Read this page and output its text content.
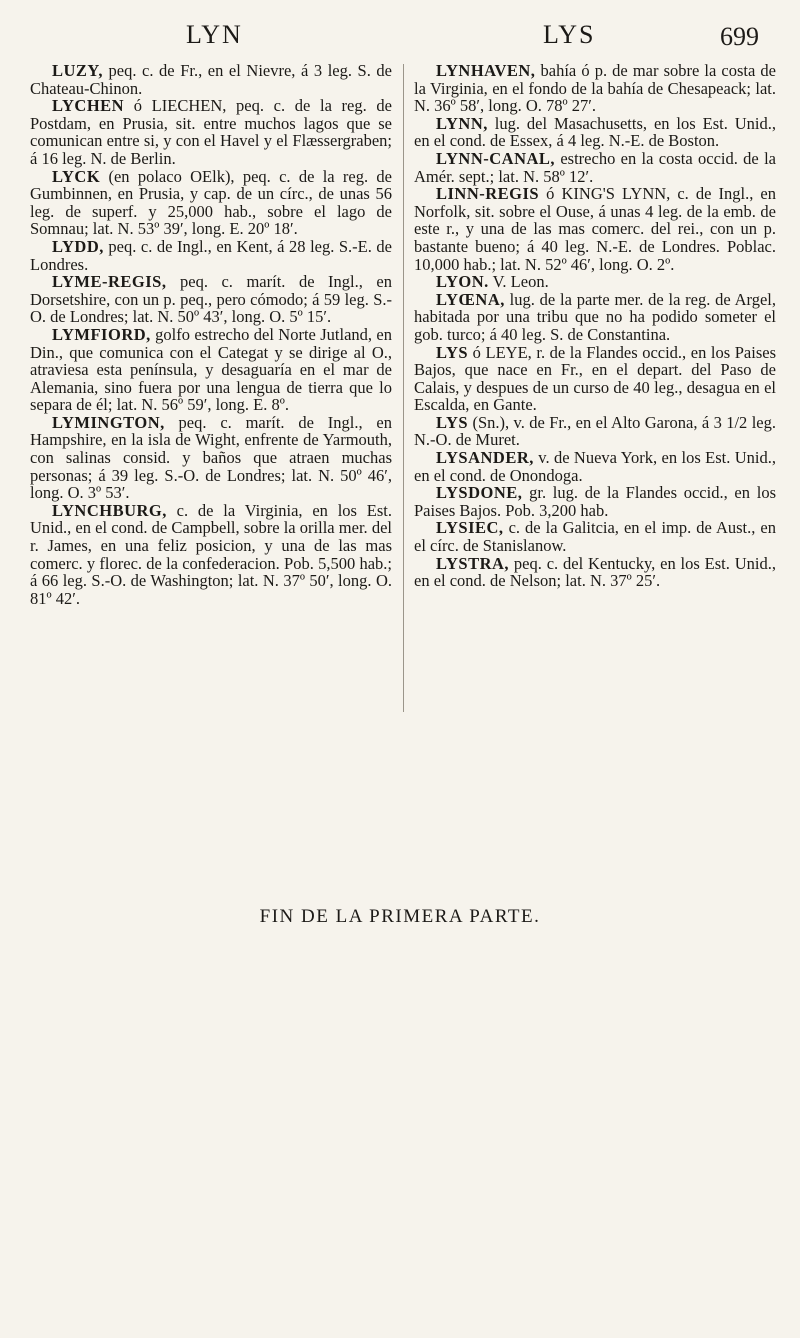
LYN	LYS	699

LUZY, peq. c. de Fr., en el Nievre, á 3 leg. S. de Chateau-Chinon.

LYCHEN ó LIECHEN, peq. c. de la reg. de Postdam, en Prusia, sit. entre muchos lagos que se comunican entre si, y con el Havel y el Flæssergraben; á 16 leg. N. de Berlin.

LYCK (en polaco OElk), peq. c. de la reg. de Gumbinnen, en Prusia, y cap. de un círc., de unas 56 leg. de superf. y 25,000 hab., sobre el lago de Somnau; lat. N. 53º 39′, long. E. 20º 18′.

LYDD, peq. c. de Ingl., en Kent, á 28 leg. S.-E. de Londres.

LYME-REGIS, peq. c. marít. de Ingl., en Dorsetshire, con un p. peq., pero cómodo; á 59 leg. S.-O. de Londres; lat. N. 50º 43′, long. O. 5º 15′.

LYMFIORD, golfo estrecho del Norte Jutland, en Din., que comunica con el Categat y se dirige al O., atraviesa esta península, y desaguaría en el mar de Alemania, sino fuera por una lengua de tierra que lo separa de él; lat. N. 56º 59′, long. E. 8º.

LYMINGTON, peq. c. marít. de Ingl., en Hampshire, en la isla de Wight, enfrente de Yarmouth, con salinas consid. y baños que atraen muchas personas; á 39 leg. S.-O. de Londres; lat. N. 50º 46′, long. O. 3º 53′.

LYNCHBURG, c. de la Virginia, en los Est. Unid., en el cond. de Campbell, sobre la orilla mer. del r. James, en una feliz posicion, y una de las mas comerc. y florec. de la confederacion. Pob. 5,500 hab.; á 66 leg. S.-O. de Washington; lat. N. 37º 50′, long. O. 81º 42′.

LYNHAVEN, bahía ó p. de mar sobre la costa de la Virginia, en el fondo de la bahía de Chesapeack; lat. N. 36º 58′, long. O. 78º 27′.

LYNN, lug. del Masachusetts, en los Est. Unid., en el cond. de Essex, á 4 leg. N.-E. de Boston.

LYNN-CANAL, estrecho en la costa occid. de la Amér. sept.; lat. N. 58º 12′.

LINN-REGIS ó KING'S LYNN, c. de Ingl., en Norfolk, sit. sobre el Ouse, á unas 4 leg. de la emb. de este r., y una de las mas comerc. del rei., con un p. bastante bueno; á 40 leg. N.-E. de Londres. Poblac. 10,000 hab.; lat. N. 52º 46′, long. O. 2º.

LYON. V. Leon.

LYŒNA, lug. de la parte mer. de la reg. de Argel, habitada por una tribu que no ha podido someter el gob. turco; á 40 leg. S. de Constantina.

LYS ó LEYE, r. de la Flandes occid., en los Paises Bajos, que nace en Fr., en el depart. del Paso de Calais, y despues de un curso de 40 leg., desagua en el Escalda, en Gante.

LYS (Sn.), v. de Fr., en el Alto Garona, á 3 1/2 leg. N.-O. de Muret.

LYSANDER, v. de Nueva York, en los Est. Unid., en el cond. de Onondoga.

LYSDONE, gr. lug. de la Flandes occid., en los Paises Bajos. Pob. 3,200 hab.

LYSIEC, c. de la Galitcia, en el imp. de Aust., en el círc. de Stanislanow.

LYSTRA, peq. c. del Kentucky, en los Est. Unid., en el cond. de Nelson; lat. N. 37º 25′.

FIN DE LA PRIMERA PARTE.
